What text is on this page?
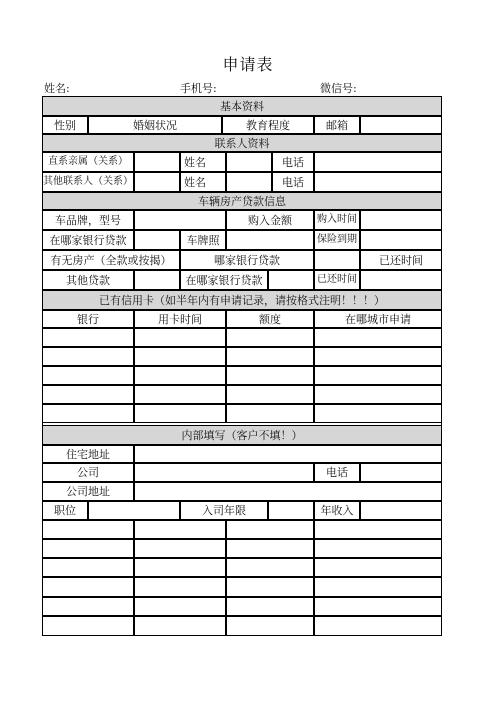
申请表
姓名:	手机号:	微信号:
基本资料
性别	婚姻状况	教育程度	邮箱
联系人资料
直系亲属（关系）	姓名	电话
其他联系人（关系）	姓名	电话
车辆房产贷款信息
车品牌，型号	购入金额	购入时间
在哪家银行贷款	车牌照	保险到期
有无房产（全款或按揭）	哪家银行贷款	已还时间
其他贷款	在哪家银行贷款	已还时间
已有信用卡（如半年内有申请记录，请按格式注明！！！）
银行	用卡时间	额度	在哪城市申请
内部填写（客户不填！）
住宅地址
公司	电话
公司地址
职位	入司年限	年收入
